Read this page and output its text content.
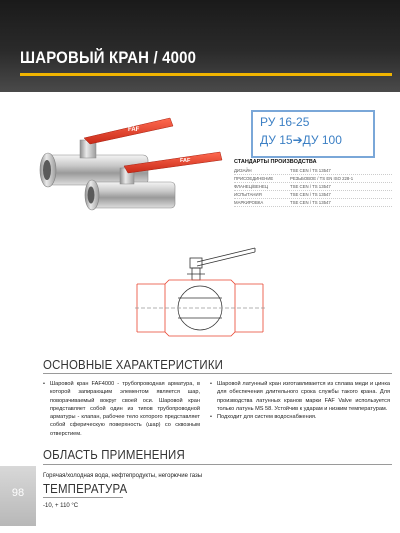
ШАРОВЫЙ КРАН / 4000
FAF
FAF
РУ 16-25
ДУ 15➔ДУ 100
СТАНДАРТЫ ПРОИЗВОДСТВА
ДИЗАЙН	TSE CEN / TS 13547
ПРИСОЕДИНЕНИЕ	РЕЗЬБОВОЕ / TS EN ISO 228-1
ФЛАНЕЦ/ВЕНЕЦ	TSE CEN / TS 13547
ИСПЫТАНИЯ	TSE CEN / TS 13547
МАРКИРОВКА	TSE CEN / TS 13547
ОСНОВНЫЕ ХАРАКТЕРИСТИКИ

• Шаровой кран FAF4000 - трубопроводная арматура, в которой запирающим элементом является шар, поворачиваемый вокруг своей оси. Шаровой кран представляет собой один из типов трубопроводной арматуры - клапан, рабочее тело которого представляет собой сферическую поверхность (шар) со сквозным отверстием.

• Шаровой латунный кран изготавливается из сплава меди и цинка для обеспечения длительного срока службы такого крана. Для производства латунных кранов марки FAF Valve используется только латунь MS 58. Устойчив к ударам и низким температурам.

• Подходит для систем водоснабжения.

ОБЛАСТЬ ПРИМЕНЕНИЯ
Горячая/холодная вода, нефтепродукты, негорючие газы
ТЕМПЕРАТУРА
-10, + 110 °C
98
